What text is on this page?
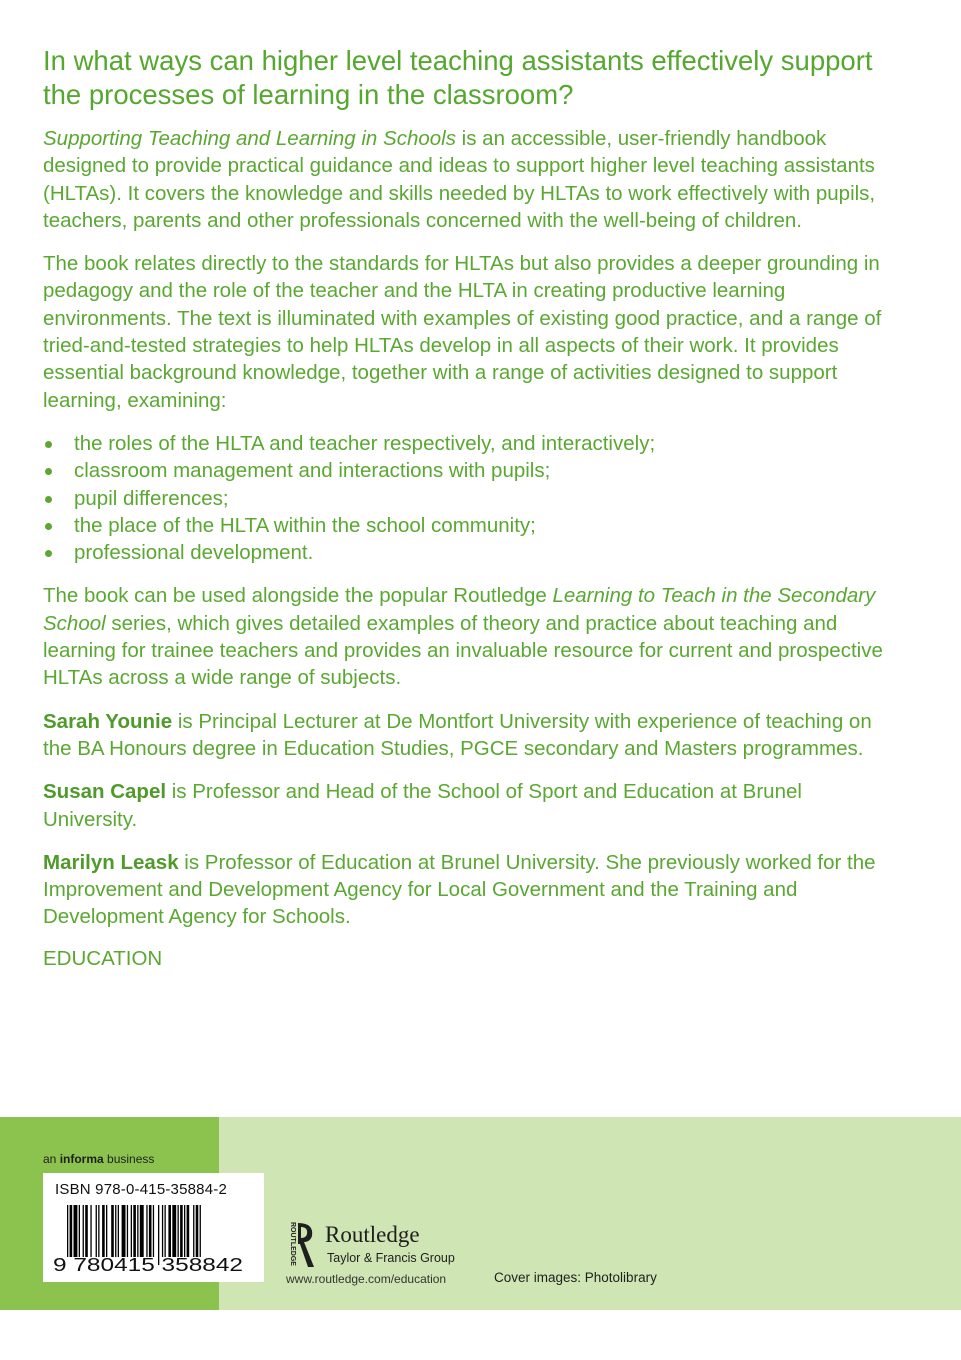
In what ways can higher level teaching assistants effectively support the processes of learning in the classroom?

Supporting Teaching and Learning in Schools is an accessible, user-friendly handbook designed to provide practical guidance and ideas to support higher level teaching assistants (HLTAs). It covers the knowledge and skills needed by HLTAs to work effectively with pupils, teachers, parents and other professionals concerned with the well-being of children.

The book relates directly to the standards for HLTAs but also provides a deeper grounding in pedagogy and the role of the teacher and the HLTA in creating productive learning environments. The text is illuminated with examples of existing good practice, and a range of tried-and-tested strategies to help HLTAs develop in all aspects of their work. It provides essential background knowledge, together with a range of activities designed to support learning, examining:

the roles of the HLTA and teacher respectively, and interactively;
classroom management and interactions with pupils;
pupil differences;
the place of the HLTA within the school community;
professional development.

The book can be used alongside the popular Routledge Learning to Teach in the Secondary School series, which gives detailed examples of theory and practice about teaching and learning for trainee teachers and provides an invaluable resource for current and prospective HLTAs across a wide range of subjects.

Sarah Younie is Principal Lecturer at De Montfort University with experience of teaching on the BA Honours degree in Education Studies, PGCE secondary and Masters programmes.

Susan Capel is Professor and Head of the School of Sport and Education at Brunel University.

Marilyn Leask is Professor of Education at Brunel University. She previously worked for the Improvement and Development Agency for Local Government and the Training and Development Agency for Schools.

EDUCATION
an informa business
ISBN 978-0-415-35884-2
9 780415 358842	ROUTLEDGE Routledge
Taylor & Francis Group
www.routledge.com/education	Cover images: Photolibrary
